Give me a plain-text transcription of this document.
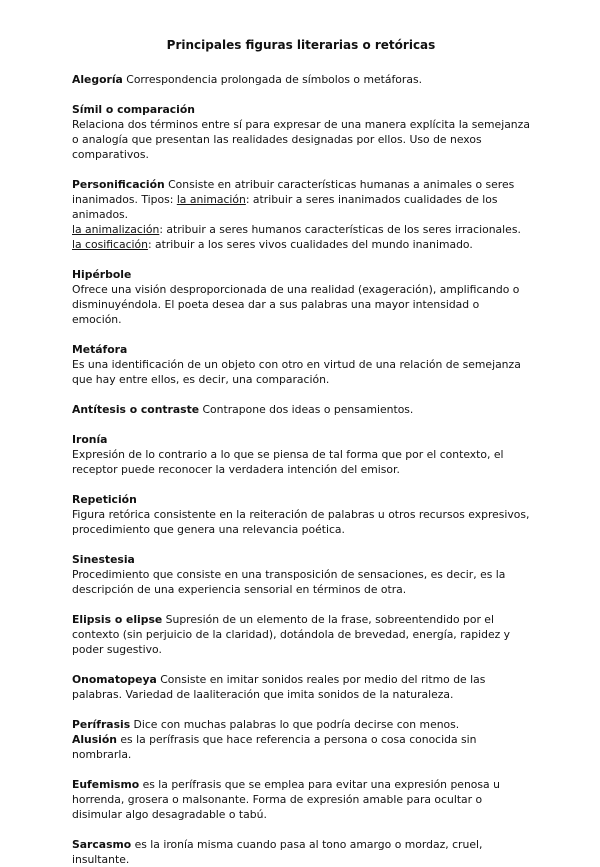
Principales figuras literarias o retóricas
Alegoría Correspondencia prolongada de símbolos o metáforas.
Símil o comparación
Relaciona dos términos entre sí para expresar de una manera explícita la semejanza o analogía que presentan las realidades designadas por ellos. Uso de nexos comparativos.
Personificación Consiste en atribuir características humanas a animales o seres inanimados. Tipos: la animación: atribuir a seres inanimados cualidades de los animados.
la animalización: atribuir a seres humanos características de los seres irracionales.
la cosificación: atribuir a los seres vivos cualidades del mundo inanimado.
Hipérbole
Ofrece una visión desproporcionada de una realidad (exageración), amplificando o disminuyéndola. El poeta desea dar a sus palabras una mayor intensidad o emoción.
Metáfora
Es una identificación de un objeto con otro en virtud de una relación de semejanza que hay entre ellos, es decir, una comparación.
Antítesis o contraste Contrapone dos ideas o pensamientos.
Ironía
Expresión de lo contrario a lo que se piensa de tal forma que por el contexto, el receptor puede reconocer la verdadera intención del emisor.
Repetición
Figura retórica consistente en la reiteración de palabras u otros recursos expresivos, procedimiento que genera una relevancia poética.
Sinestesia
Procedimiento que consiste en una transposición de sensaciones, es decir, es la descripción de una experiencia sensorial en términos de otra.
Elipsis o elipse Supresión de un elemento de la frase, sobreentendido por el contexto (sin perjuicio de la claridad), dotándola de brevedad, energía, rapidez y poder sugestivo.
Onomatopeya Consiste en imitar sonidos reales por medio del ritmo de las palabras. Variedad de laaliteración que imita sonidos de la naturaleza.
Perífrasis Dice con muchas palabras lo que podría decirse con menos.
Alusión es la perífrasis que hace referencia a persona o cosa conocida sin nombrarla.
Eufemismo es la perífrasis que se emplea para evitar una expresión penosa u horrenda, grosera o malsonante. Forma de expresión amable para ocultar o disimular algo desagradable o tabú.
Sarcasmo es la ironía misma cuando pasa al tono amargo o mordaz, cruel, insultante.
